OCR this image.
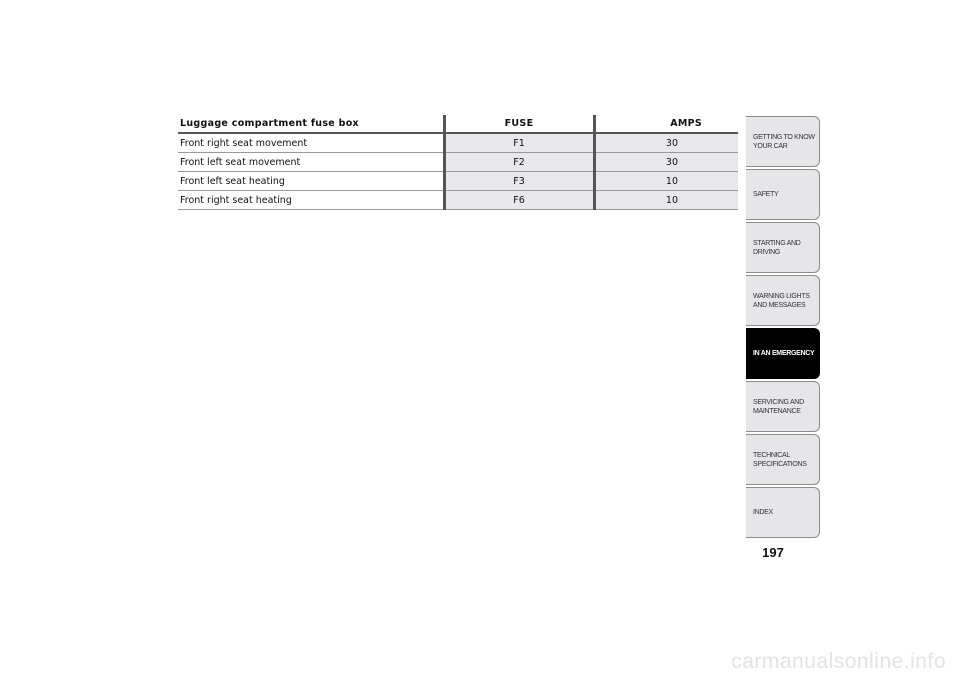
Luggage compartment fuse box	FUSE	AMPS
Front right seat movement	F1	30
Front left seat movement	F2	30
Front left seat heating	F3	10
Front right seat heating	F6	10
GETTING TO KNOW YOUR CAR
SAFETY
STARTING AND DRIVING
WARNING LIGHTS AND MESSAGES
IN AN EMERGENCY
SERVICING AND MAINTENANCE
TECHNICAL SPECIFICATIONS
INDEX
197
carmanualsonline.info
